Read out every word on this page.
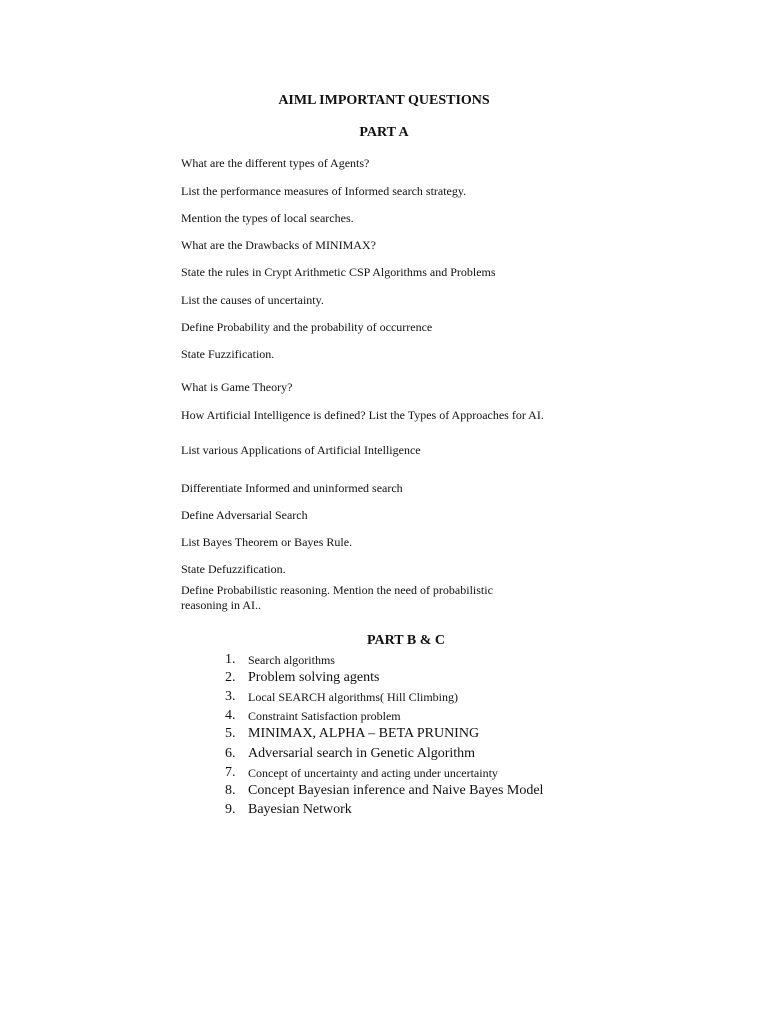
AIML IMPORTANT QUESTIONS
PART A

What are the different types of Agents?

List the performance measures of Informed search strategy.

Mention the types of local searches.

What are the Drawbacks of MINIMAX?

State the rules in Crypt Arithmetic CSP Algorithms and Problems

List the causes of uncertainty.

Define Probability and the probability of occurrence

State Fuzzification.

What is Game Theory?

How Artificial Intelligence is defined? List the Types of Approaches for AI.

List various Applications of Artificial Intelligence

Differentiate Informed and uninformed search

Define Adversarial Search

List Bayes Theorem or Bayes Rule.

State Defuzzification.

Define Probabilistic reasoning. Mention the need of probabilistic reasoning in AI..

PART B & C
1.	Search algorithms
2. Problem solving agents
3.	Local SEARCH algorithms( Hill Climbing)
4.	Constraint Satisfaction problem
5. MINIMAX, ALPHA – BETA PRUNING
6. Adversarial search in Genetic Algorithm
7.	Concept of uncertainty and acting under uncertainty
8. Concept Bayesian inference and Naive Bayes Model
9. Bayesian Network
